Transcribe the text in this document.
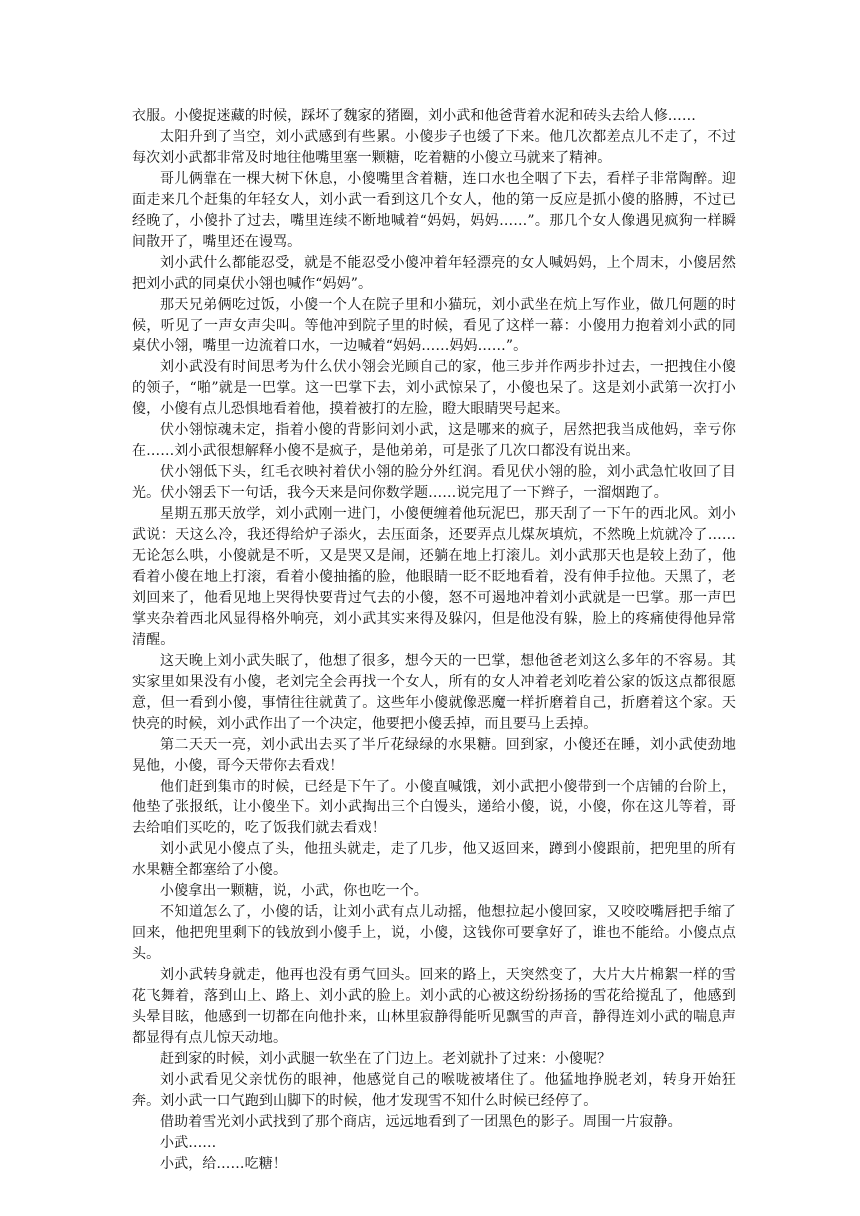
衣服。小傻捉迷藏的时候，踩坏了魏家的猪圈，刘小武和他爸背着水泥和砖头去给人修……

太阳升到了当空，刘小武感到有些累。小傻步子也缓了下来。他几次都差点儿不走了，不过每次刘小武都非常及时地往他嘴里塞一颗糖，吃着糖的小傻立马就来了精神。

哥儿俩靠在一棵大树下休息，小傻嘴里含着糖，连口水也全咽了下去，看样子非常陶醉。迎面走来几个赶集的年轻女人，刘小武一看到这几个女人，他的第一反应是抓小傻的胳膊，不过已经晚了，小傻扑了过去，嘴里连续不断地喊着“妈妈，妈妈……”。那几个女人像遇见疯狗一样瞬间散开了，嘴里还在谩骂。

刘小武什么都能忍受，就是不能忍受小傻冲着年轻漂亮的女人喊妈妈，上个周末，小傻居然把刘小武的同桌伏小翎也喊作“妈妈”。

那天兄弟俩吃过饭，小傻一个人在院子里和小猫玩，刘小武坐在炕上写作业，做几何题的时候，听见了一声女声尖叫。等他冲到院子里的时候，看见了这样一幕：小傻用力抱着刘小武的同桌伏小翎，嘴里一边流着口水，一边喊着“妈妈……妈妈……”。

刘小武没有时间思考为什么伏小翎会光顾自己的家，他三步并作两步扑过去，一把拽住小傻的领子，“啪”就是一巴掌。这一巴掌下去，刘小武惊呆了，小傻也呆了。这是刘小武第一次打小傻，小傻有点儿恐惧地看着他，摸着被打的左脸，瞪大眼睛哭号起来。

伏小翎惊魂未定，指着小傻的背影问刘小武，这是哪来的疯子，居然把我当成他妈，幸亏你在……刘小武很想解释小傻不是疯子，是他弟弟，可是张了几次口都没有说出来。

伏小翎低下头，红毛衣映衬着伏小翎的脸分外红润。看见伏小翎的脸，刘小武急忙收回了目光。伏小翎丢下一句话，我今天来是问你数学题……说完甩了一下辫子，一溜烟跑了。

星期五那天放学，刘小武刚一进门，小傻便缠着他玩泥巴，那天刮了一下午的西北风。刘小武说：天这么冷，我还得给炉子添火，去压面条，还要弄点儿煤灰填炕，不然晚上炕就冷了……无论怎么哄，小傻就是不听，又是哭又是闹，还躺在地上打滚儿。刘小武那天也是较上劲了，他看着小傻在地上打滚，看着小傻抽搐的脸，他眼睛一眨不眨地看着，没有伸手拉他。天黑了，老刘回来了，他看见地上哭得快要背过气去的小傻，怒不可遏地冲着刘小武就是一巴掌。那一声巴掌夹杂着西北风显得格外响亮，刘小武其实来得及躲闪，但是他没有躲，脸上的疼痛使得他异常清醒。

这天晚上刘小武失眠了，他想了很多，想今天的一巴掌，想他爸老刘这么多年的不容易。其实家里如果没有小傻，老刘完全会再找一个女人，所有的女人冲着老刘吃着公家的饭这点都很愿意，但一看到小傻，事情往往就黄了。这些年小傻就像恶魔一样折磨着自己，折磨着这个家。天快亮的时候，刘小武作出了一个决定，他要把小傻丢掉，而且要马上丢掉。

第二天天一亮，刘小武出去买了半斤花绿绿的水果糖。回到家，小傻还在睡，刘小武使劲地晃他，小傻，哥今天带你去看戏！

他们赶到集市的时候，已经是下午了。小傻直喊饿，刘小武把小傻带到一个店铺的台阶上，他垫了张报纸，让小傻坐下。刘小武掏出三个白馒头，递给小傻，说，小傻，你在这儿等着，哥去给咱们买吃的，吃了饭我们就去看戏！

刘小武见小傻点了头，他扭头就走，走了几步，他又返回来，蹲到小傻跟前，把兜里的所有水果糖全都塞给了小傻。

小傻拿出一颗糖，说，小武，你也吃一个。

不知道怎么了，小傻的话，让刘小武有点儿动摇，他想拉起小傻回家，又咬咬嘴唇把手缩了回来，他把兜里剩下的钱放到小傻手上，说，小傻，这钱你可要拿好了，谁也不能给。小傻点点头。

刘小武转身就走，他再也没有勇气回头。回来的路上，天突然变了，大片大片棉絮一样的雪花飞舞着，落到山上、路上、刘小武的脸上。刘小武的心被这纷纷扬扬的雪花给搅乱了，他感到头晕目眩，他感到一切都在向他扑来，山林里寂静得能听见飘雪的声音，静得连刘小武的喘息声都显得有点儿惊天动地。

赶到家的时候，刘小武腿一软坐在了门边上。老刘就扑了过来：小傻呢？

刘小武看见父亲忧伤的眼神，他感觉自己的喉咙被堵住了。他猛地挣脱老刘，转身开始狂奔。刘小武一口气跑到山脚下的时候，他才发现雪不知什么时候已经停了。

借助着雪光刘小武找到了那个商店，远远地看到了一团黑色的影子。周围一片寂静。

小武……

小武，给……吃糖！
